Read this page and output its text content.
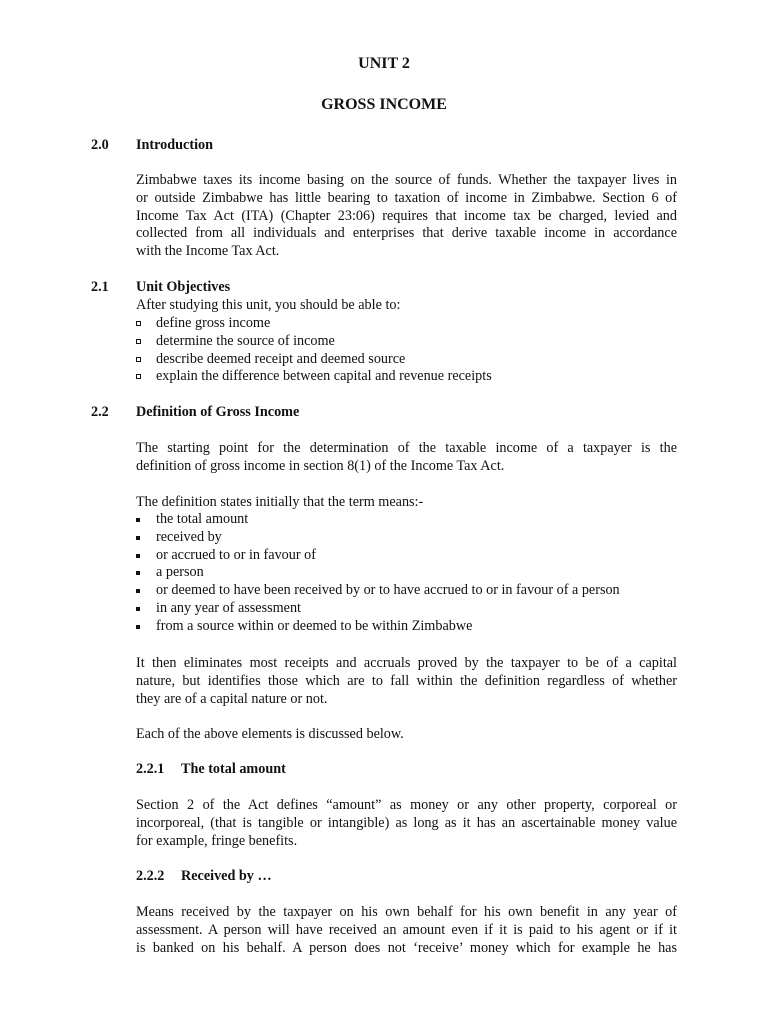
UNIT 2
GROSS INCOME
2.0 Introduction
Zimbabwe taxes its income basing on the source of funds. Whether the taxpayer lives in
or outside Zimbabwe has little bearing to taxation of income in Zimbabwe. Section 6 of
Income Tax Act (ITA) (Chapter 23:06) requires that income tax be charged, levied and
collected from all individuals and enterprises that derive taxable income in accordance
with the Income Tax Act.
2.1 Unit Objectives
After studying this unit, you should be able to:
define gross income
determine the source of income
describe deemed receipt and deemed source
explain the difference between capital and revenue receipts
2.2 Definition of Gross Income
The starting point for the determination of the taxable income of a taxpayer is the
definition of gross income in section 8(1) of the Income Tax Act.
The definition states initially that the term means:-
the total amount
received by
or accrued to or in favour of
a person
or deemed to have been received by or to have accrued to or in favour of a person
in any year of assessment
from a source within or deemed to be within Zimbabwe
It then eliminates most receipts and accruals proved by the taxpayer to be of a capital
nature, but identifies those which are to fall within the definition regardless of whether
they are of a capital nature or not.
Each of the above elements is discussed below.
2.2.1 The total amount
Section 2 of the Act defines “amount” as money or any other property, corporeal or
incorporeal, (that is tangible or intangible) as long as it has an ascertainable money value
for example, fringe benefits.
2.2.2 Received by …
Means received by the taxpayer on his own behalf for his own benefit in any year of
assessment. A person will have received an amount even if it is paid to his agent or if it
is banked on his behalf. A person does not ‘receive’ money which for example he has
